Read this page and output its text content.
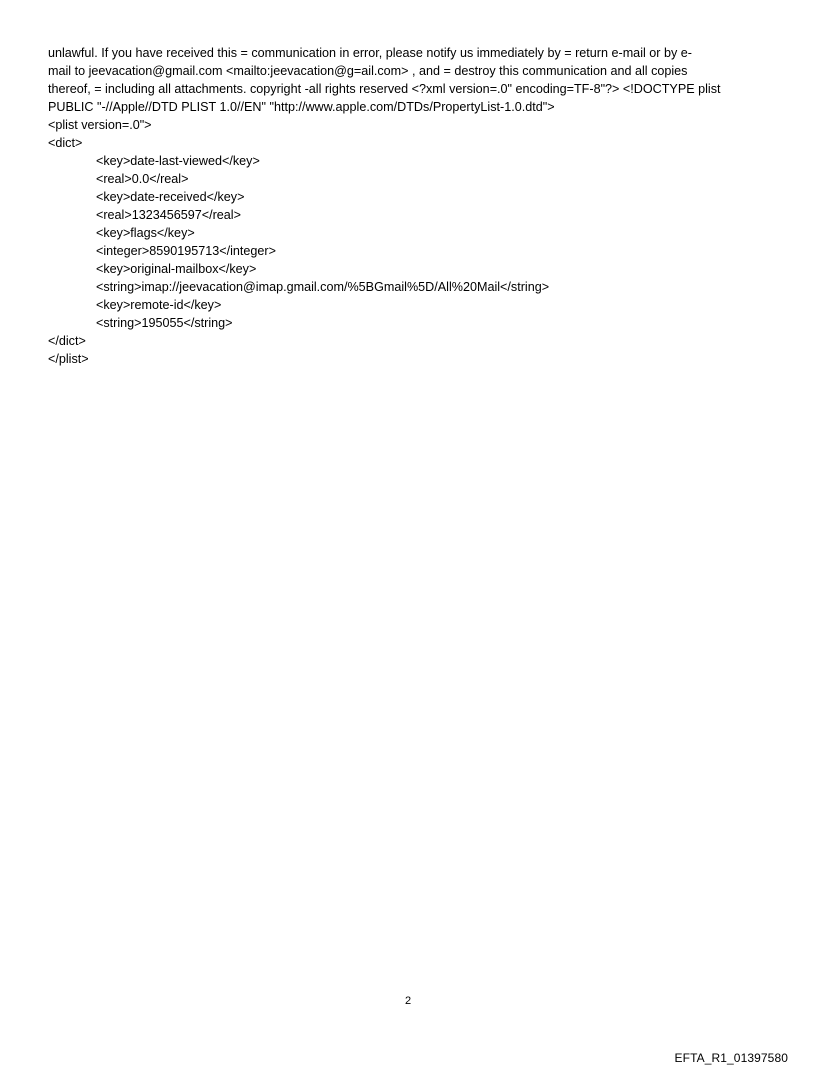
unlawful. If you have received this = communication in error, please notify us immediately by = return e-mail or by e-
mail to jeevacation@gmail.com <mailto:jeevacation@g=ail.com> , and = destroy this communication and all copies
thereof, = including all attachments. copyright -all rights reserved <?xml version=.0" encoding=TF-8"?> <!DOCTYPE plist
PUBLIC "-//Apple//DTD PLIST 1.0//EN" "http://www.apple.com/DTDs/PropertyList-1.0.dtd">
<plist version=.0">
<dict>
<key>date-last-viewed</key>
<real>0.0</real>
<key>date-received</key>
<real>1323456597</real>
<key>flags</key>
<integer>8590195713</integer>
<key>original-mailbox</key>
<string>imap://jeevacation@imap.gmail.com/%5BGmail%5D/All%20Mail</string>
<key>remote-id</key>
<string>195055</string>
</dict>
</plist>
2
EFTA_R1_01397580
